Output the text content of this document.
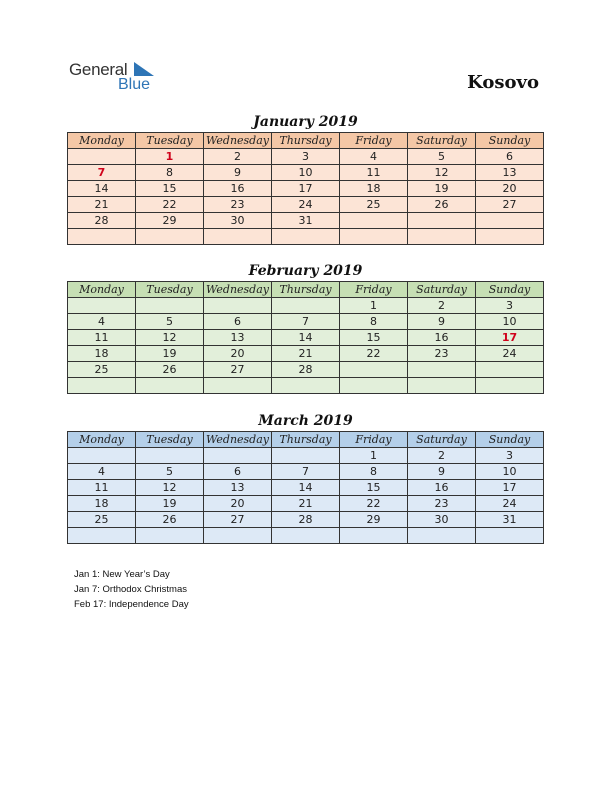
General
Blue	Kosovo
January 2019
Monday	Tuesday	Wednesday	Thursday	Friday	Saturday	Sunday
	1	2	3	4	5	6
7	8	9	10	11	12	13
14	15	16	17	18	19	20
21	22	23	24	25	26	27
28	29	30	31			

February 2019
Monday	Tuesday	Wednesday	Thursday	Friday	Saturday	Sunday
				1	2	3
4	5	6	7	8	9	10
11	12	13	14	15	16	17
18	19	20	21	22	23	24
25	26	27	28			

March 2019
Monday	Tuesday	Wednesday	Thursday	Friday	Saturday	Sunday
				1	2	3
4	5	6	7	8	9	10
11	12	13	14	15	16	17
18	19	20	21	22	23	24
25	26	27	28	29	30	31

Jan 1: New Year’s Day
Jan 7: Orthodox Christmas
Feb 17: Independence Day
